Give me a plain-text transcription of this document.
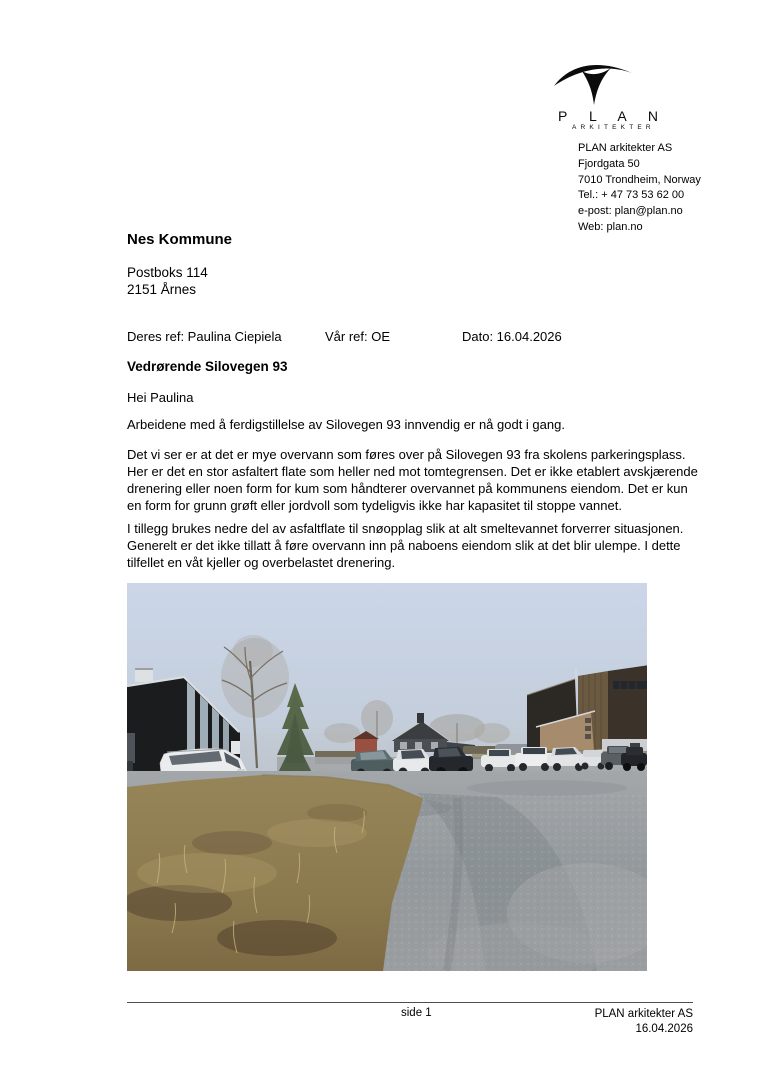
P L A N
ARKITEKTER
PLAN arkitekter AS
Fjordgata 50
7010 Trondheim, Norway
Tel.: + 47 73 53 62 00
e-post: plan@plan.no
Web: plan.no
Nes Kommune
Postboks 114
2151 Årnes
Deres ref: Paulina Ciepiela	Vår ref: OE	Dato: 16.04.2026
Vedrørende Silovegen 93
Hei Paulina
Arbeidene med å ferdigstillelse av Silovegen 93 innvendig er nå godt i gang.
Det vi ser er at det er mye overvann som føres over på Silovegen 93 fra skolens parkeringsplass.
Her er det en stor asfaltert flate som heller ned mot tomtegrensen. Det er ikke etablert avskjærende
drenering eller noen form for kum som håndterer overvannet på kommunens eiendom. Det er kun
en form for grunn grøft eller jordvoll som tydeligvis ikke har kapasitet til stoppe vannet.
I tillegg brukes nedre del av asfaltflate til snøopplag slik at alt smeltevannet forverrer situasjonen.
Generelt er det ikke tillatt å føre overvann inn på naboens eiendom slik at det blir ulempe. I dette
tilfellet en våt kjeller og overbelastet drenering.
side 1	PLAN arkitekter AS
16.04.2026
